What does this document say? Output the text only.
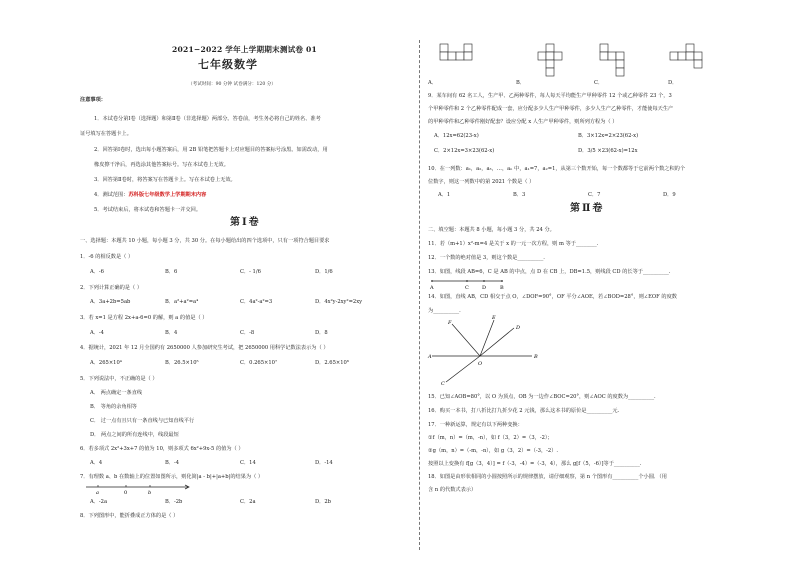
2021−2022 学年上学期期末测试卷 01
七年级数学
（考试时间：90 分钟 试卷满分：120 分）
注意事项：
1．本试卷分第Ⅰ卷（选择题）和第Ⅱ卷（非选择题）两部分。答卷前，考生务必将自己的姓名、准考
证号填写在答题卡上。
2．回答第Ⅰ卷时，选出每小题答案后，用 2B 铅笔把答题卡上对应题目的答案标号涂黑。如需改动，用
橡皮擦干净后，再选涂其他答案标号。写在本试卷上无效。
3．回答第Ⅱ卷时，将答案写在答题卡上。写在本试卷上无效。
4．测试范围：苏科版七年级数学上学期期末内容
5．考试结束后，将本试卷和答题卡一并交回。
第Ⅰ卷
一、选择题：本题共 10 小题，每小题 3 分，共 30 分。在每小题给出的四个选项中，只有一项符合题目要求
1．-6 的相反数是（ ）
A．-6	B．6	C．- 1/6	D．1/6
2．下列计算正确的是（ ）
A．3a+2b=5ab	B．a²+a²=a⁴	C．4a²-a²=3	D．4x²y-2xy²=2xy
3．若 x=1 是方程 2x+a-6=0 的解，则 a 的值是（ ）
A．-4	B．4	C．-8	D．8
4．据统计，2021 年 12 月全国约有 2650000 人参加研究生考试，把 2650000 用科学记数法表示为（ ）
A．265×10⁴	B．26.5×10⁵	C．0.265×10⁷	D．2.65×10⁶
5．下列说法中，不正确的是（ ）
A． 两点确定一条直线
B． 等角的余角相等
C． 过一点有且只有一条直线与已知直线平行
D． 两点之间的所有连线中，线段最短
6．若多项式 2x²+3x+7 的值为 10，则多项式 6x²+9x-5 的值为（ ）
A．4	B．-4	C．14	D．-14
7．有理数 a、b 在数轴上的位置如图所示，则化简|a - b|+|a+b|的结果为（ ）
a	0	b
A．-2a	B．-2b	C．2a	D．2b
8．下列图形中，能折叠成正方体的是（ ）
A．	B．	C．	D．
9．某车间有 62 名工人，生产甲、乙两种零件，每人每天平均能生产甲种零件 12 个或乙种零件 23 个，3
个甲种零件和 2 个乙种零件配成一套，应分配多少人生产甲种零件，多少人生产乙种零件，才能使每天生产
的甲种零件和乙种零件刚好配套？设应分配 x 人生产甲种零件，则所列方程为（ ）
A．12x=62(23-x)	B．3×12x=2×23(62-x)
C．2×12x=3×23(62-x)	D．3/5 ×23(62-x)=12x
10．在一列数：a₁，a₂，a₃，…，aₙ 中，a₁=7，a₂=1，从第三个数开始，每一个数都等于它前两个数之积的个
位数字，则这一列数中的第 2021 个数是（ ）
A．1	B．3	C．7	D．9
第Ⅱ卷
二、填空题：本题共 8 小题，每小题 3 分，共 24 分。
11．若（m+1）x²-m=4 是关于 x 的一元一次方程，则 m 等于________.
12．一个数的绝对值是 3，则这个数是__________.
13．如图，线段 AB=6，C 是 AB 的中点，点 D 在 CB 上，DB=1.5，则线段 CD 的长等于__________.
A	C	D	B
14．如图，直线 AB，CD 相交于点 O，∠DOF=90°，OF 平分∠AOE，若∠BOD=28°，则∠EOF 的度数
为__________.
F
E
D
A
O
B
C
15．已知∠AOB=80°，以 O 为顶点，OB 为一边作∠BOC=20°，则∠AOC 的度数为__________.
16．购买一本书，打八折比打九折少花 2 元钱，那么这本书的原价是__________元.
17．一种新运算，规定有以下两种变换：
①f（m，n）=（m，-n），如 f（3，2）=（3，-2）；
②g（m，n）=（-m，-n），如 g（3，2）=（-3，-2）.
按照以上变换有 f[g（3，4）] = f（-3，-4）=（-3，4），那么 g[f（5，-6）]等于__________.
18．如图是由形状相同的小圆按照所示的规律摆放，请仔细观察，第 n 个图形有__________个小圆．（用
含 n 的代数式表示）
